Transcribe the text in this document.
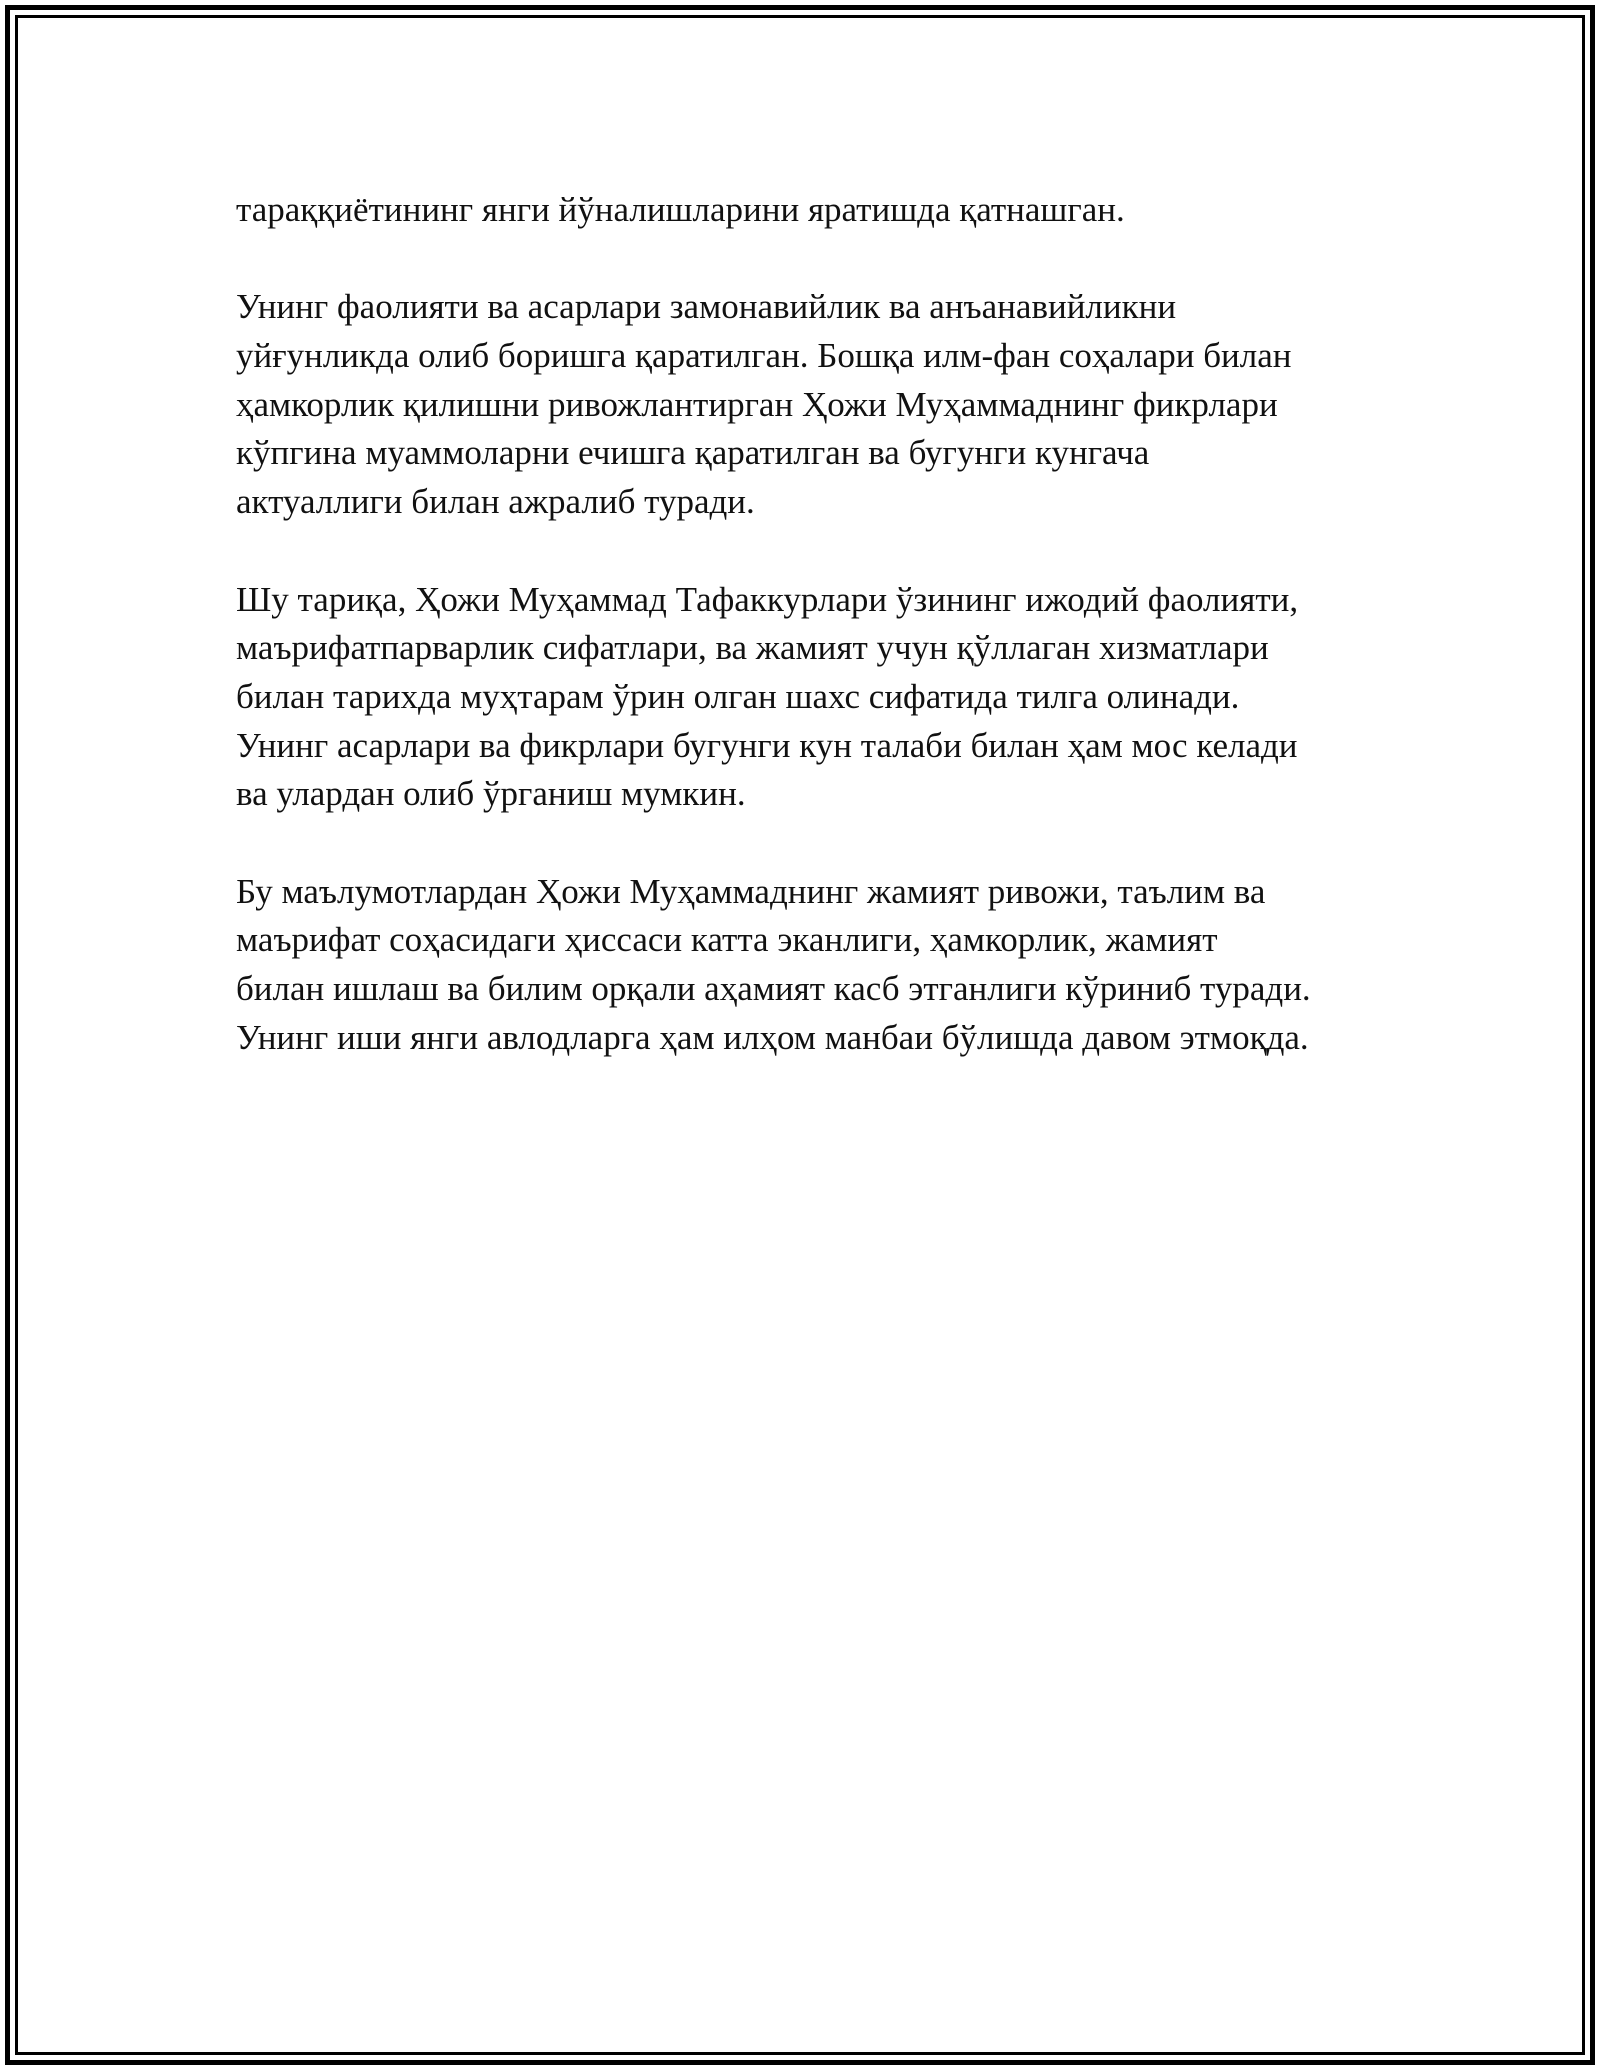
тараққиётининг янги йўналишларини яратишда қатнашган.
Унинг фаолияти ва асарлари замонавийлик ва анъанавийликни
уйғунликда олиб боришга қаратилган. Бошқа илм-фан соҳалари билан
ҳамкорлик қилишни ривожлантирган Ҳожи Муҳаммаднинг фикрлари
кўпгина муаммоларни ечишга қаратилган ва бугунги кунгача
актуаллиги билан ажралиб туради.
Шу тариқа, Ҳожи Муҳаммад Тафаккурлари ўзининг ижодий фаолияти,
маърифатпарварлик сифатлари, ва жамият учун қўллаган хизматлари
билан тарихда муҳтарам ўрин олган шахс сифатида тилга олинади.
Унинг асарлари ва фикрлари бугунги кун талаби билан ҳам мос келади
ва улардан олиб ўрганиш мумкин.
Бу маълумотлардан Ҳожи Муҳаммаднинг жамият ривожи, таълим ва
маърифат соҳасидаги ҳиссаси катта эканлиги, ҳамкорлик, жамият
билан ишлаш ва билим орқали аҳамият касб этганлиги кўриниб туради.
Унинг иши янги авлодларга ҳам илҳом манбаи бўлишда давом этмоқда.
